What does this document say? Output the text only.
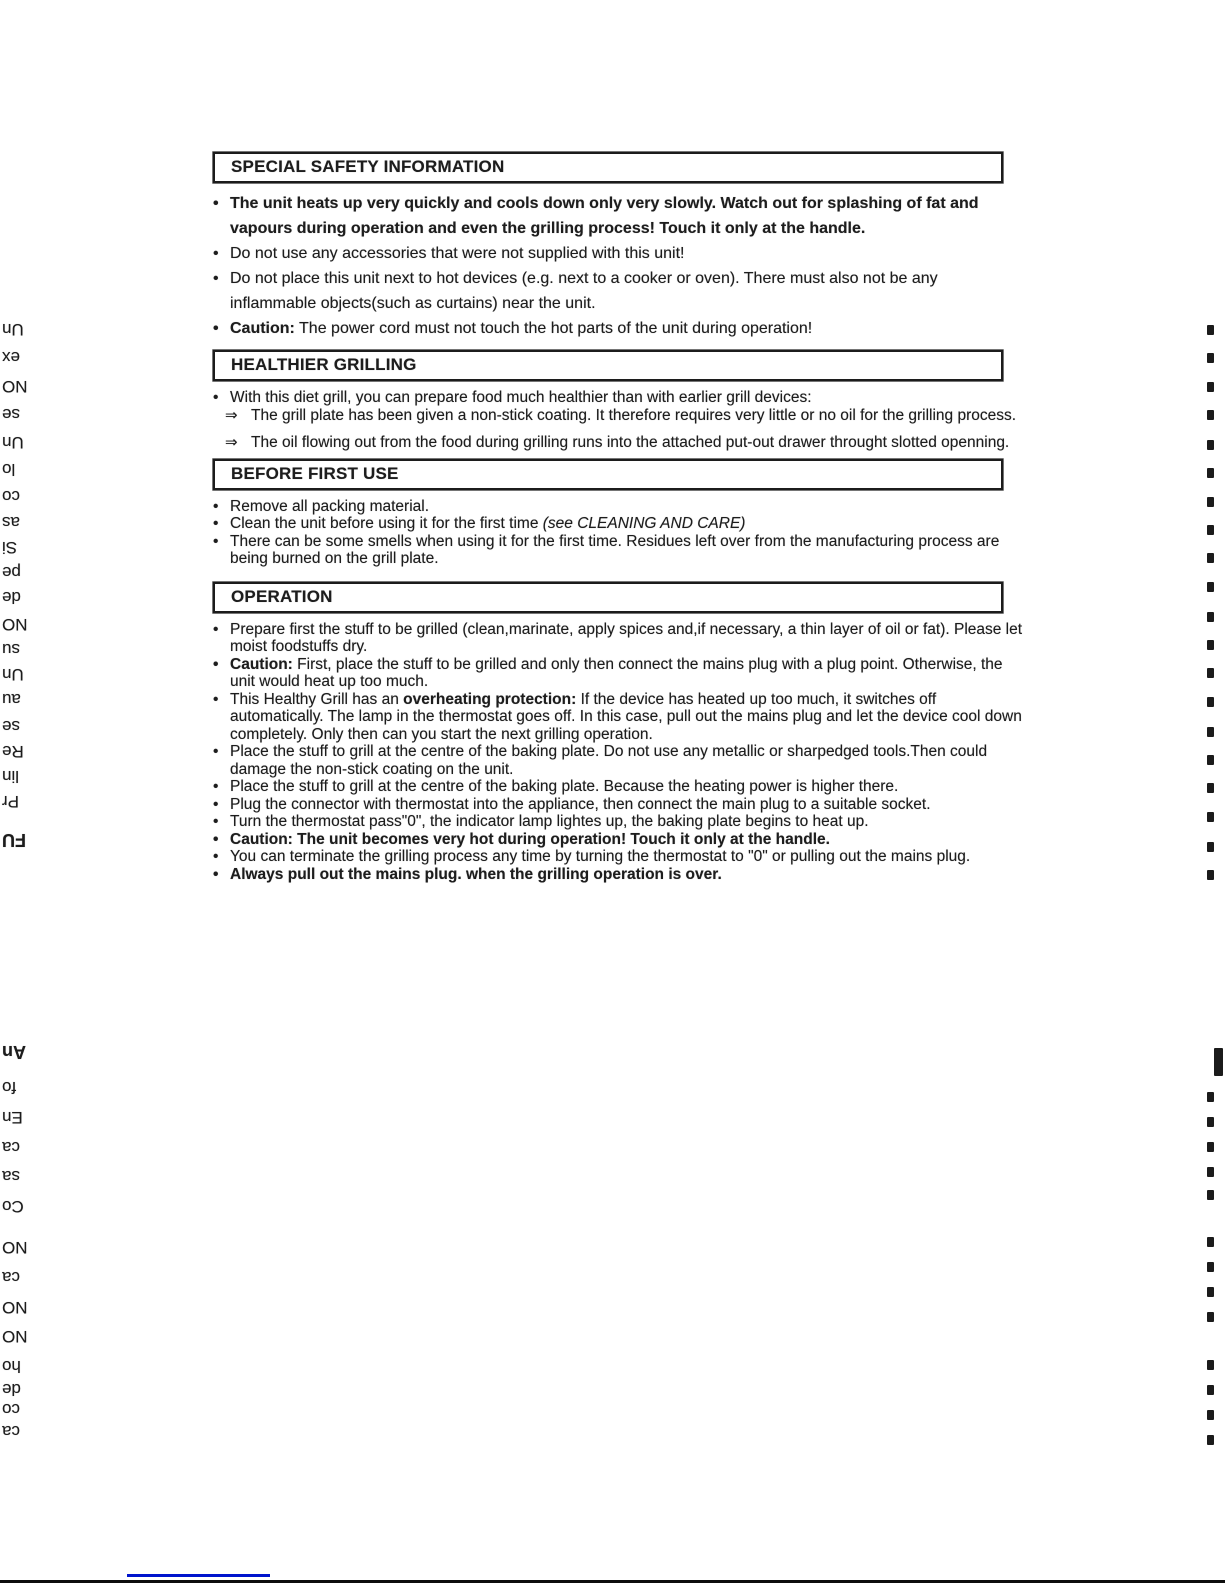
SPECIAL SAFETY INFORMATION
• The unit heats up very quickly and cools down only very slowly. Watch out for splashing of fat and vapours during operation and even the grilling process! Touch it only at the handle.
• Do not use any accessories that were not supplied with this unit!
• Do not place this unit next to hot devices (e.g. next to a cooker or oven). There must also not be any inflammable objects(such as curtains) near the unit.
• Caution: The power cord must not touch the hot parts of the unit during operation!
HEALTHIER GRILLING
• With this diet grill, you can prepare food much healthier than with earlier grill devices:
⇒ The grill plate has been given a non-stick coating. It therefore requires very little or no oil for the grilling process.
⇒ The oil flowing out from the food during grilling runs into the attached put-out drawer throught slotted openning.
BEFORE FIRST USE
• Remove all packing material.
• Clean the unit before using it for the first time (see CLEANING AND CARE)
• There can be some smells when using it for the first time. Residues left over from the manufacturing process are being burned on the grill plate.
OPERATION
• Prepare first the stuff to be grilled (clean,marinate, apply spices and,if necessary, a thin layer of oil or fat). Please let moist foodstuffs dry.
• Caution: First, place the stuff to be grilled and only then connect the mains plug with a plug point. Otherwise, the unit would heat up too much.
• This Healthy Grill has an overheating protection: If the device has heated up too much, it switches off automatically. The lamp in the thermostat goes off. In this case, pull out the mains plug and let the device cool down completely. Only then can you start the next grilling operation.
• Place the stuff to grill at the centre of the baking plate. Do not use any metallic or sharpedged tools.Then could damage the non-stick coating on the unit.
• Place the stuff to grill at the centre of the baking plate. Because the heating power is higher there.
• Plug the connector with thermostat into the appliance, then connect the main plug to a suitable socket.
• Turn the thermostat pass"0", the indicator lamp lightes up, the baking plate begins to heat up.
• Caution: The unit becomes very hot during operation! Touch it only at the handle.
• You can terminate the grilling process any time by turning the thermostat to "0" or pulling out the mains plug.
• Always pull out the mains plug. when the grilling operation is over.
Un
ex
NO
se
Un
lo
co
as
Si
pe
de
NO
su
Un
au
se
Re
lin
Pr
FU
An
fo
En
ca
sa
Co
NO
ca
NO
NO
ho
de
co
ca
